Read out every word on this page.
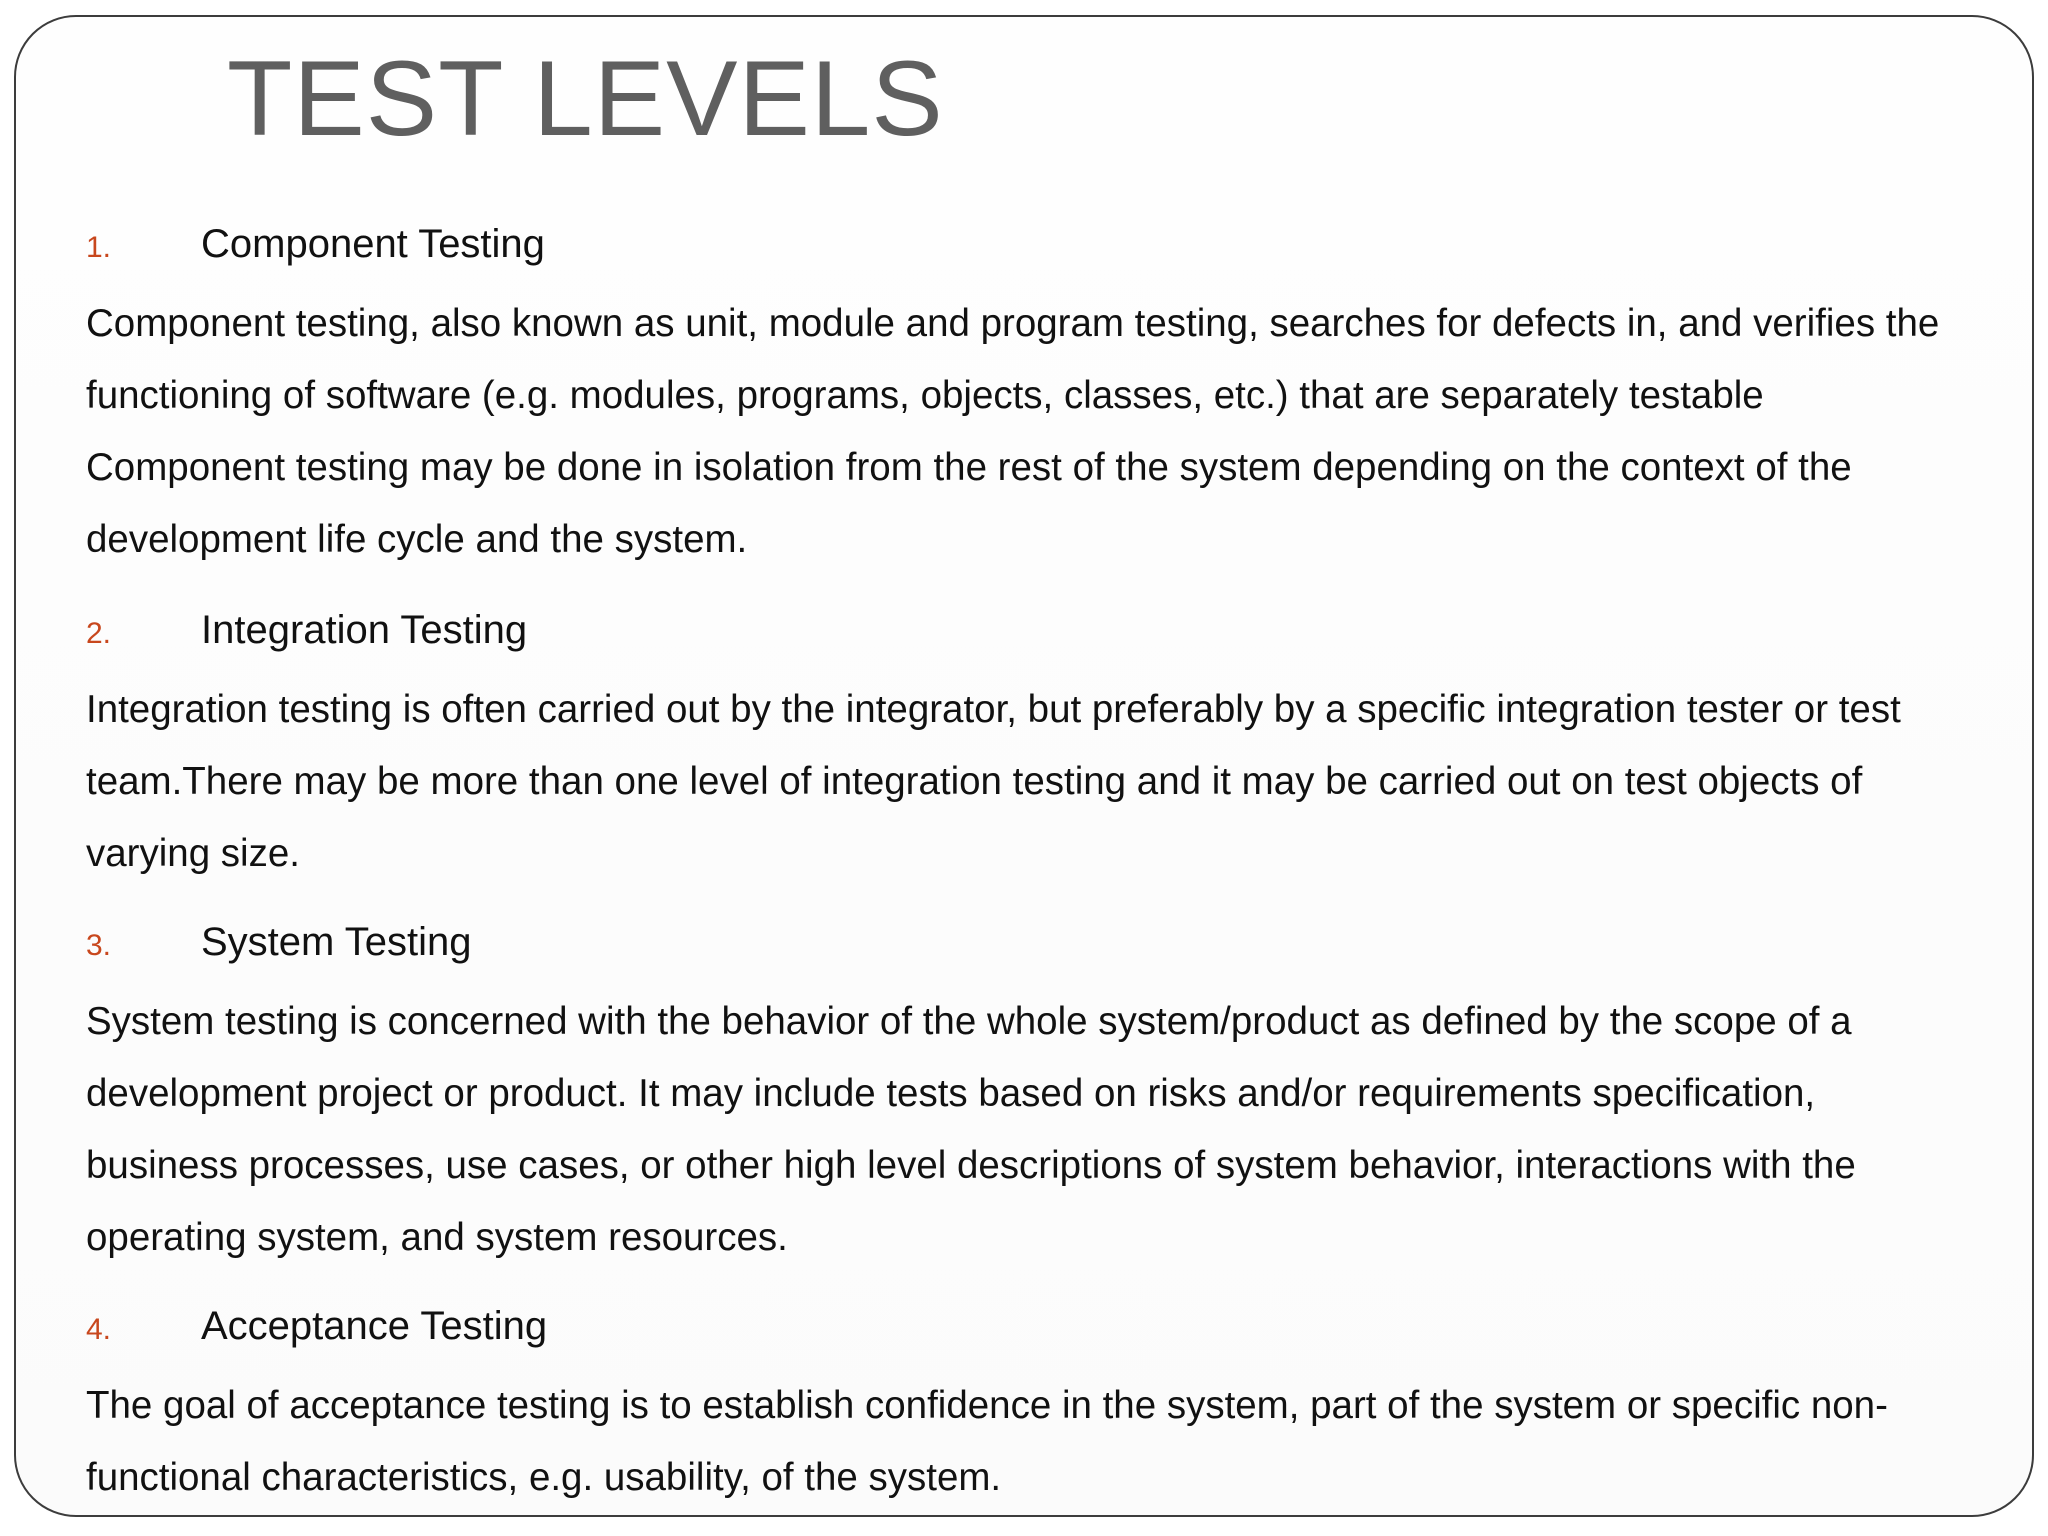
TEST LEVELS
1.	Component Testing
Component testing, also known as unit, module and program testing, searches for defects in, and verifies the
functioning of software (e.g. modules, programs, objects, classes, etc.) that are separately testable
Component testing may be done in isolation from the rest of the system depending on the context of the
development life cycle and the system.
2.	Integration Testing
Integration testing is often carried out by the integrator, but preferably by a specific integration tester or test
team.There may be more than one level of integration testing and it may be carried out on test objects of
varying size.
3.	System Testing
System testing is concerned with the behavior of the whole system/product as defined by the scope of a
development project or product. It may include tests based on risks and/or requirements specification,
business processes, use cases, or other high level descriptions of system behavior, interactions with the
operating system, and system resources.
4.	Acceptance Testing
The goal of acceptance testing is to establish confidence in the system, part of the system or specific non-
functional characteristics, e.g. usability, of the system.
